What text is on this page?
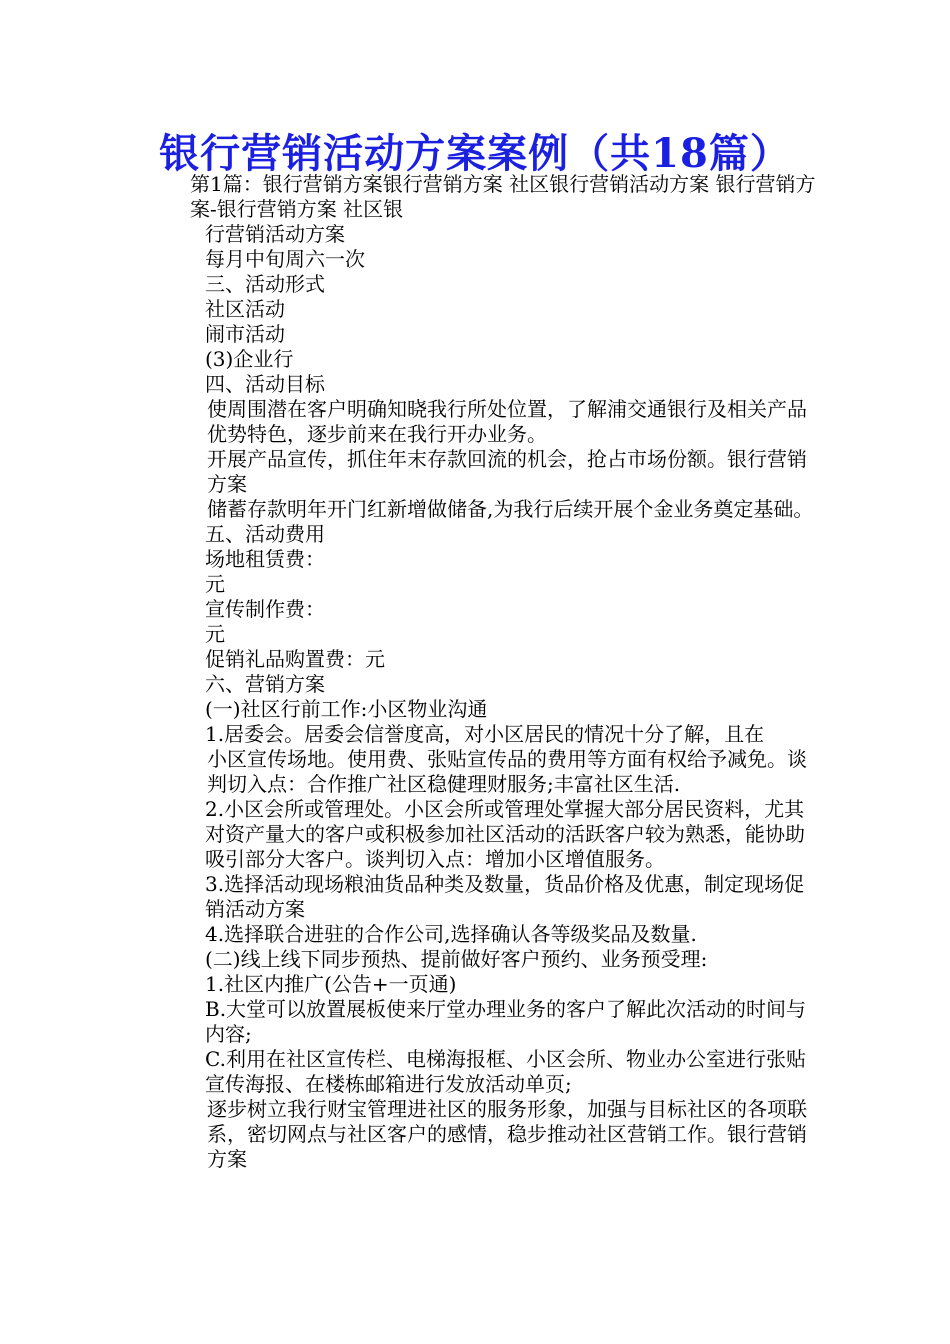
银行营销活动方案案例（共18篇）

第1篇：银行营销方案银行营销方案 社区银行营销活动方案 银行营销方案-银行营销方案 社区银

行营销活动方案

每月中旬周六一次

三、活动形式

社区活动

闹市活动

(3)企业行

四、活动目标

使周围潜在客户明确知晓我行所处位置，了解浦交通银行及相关产品优势特色，逐步前来在我行开办业务。

开展产品宣传，抓住年末存款回流的机会，抢占市场份额。银行营销方案

储蓄存款明年开门红新增做储备,为我行后续开展个金业务奠定基础。

五、活动费用

场地租赁费：

元

宣传制作费：

元

促销礼品购置费：元

六、营销方案

(一)社区行前工作:小区物业沟通

1.居委会。居委会信誉度高，对小区居民的情况十分了解，且在

小区宣传场地。使用费、张贴宣传品的费用等方面有权给予减免。谈判切入点：合作推广社区稳健理财服务;丰富社区生活.

2.小区会所或管理处。小区会所或管理处掌握大部分居民资料，尤其对资产量大的客户或积极参加社区活动的活跃客户较为熟悉，能协助吸引部分大客户。谈判切入点：增加小区增值服务。

3.选择活动现场粮油货品种类及数量，货品价格及优惠，制定现场促销活动方案

4.选择联合进驻的合作公司,选择确认各等级奖品及数量.

(二)线上线下同步预热、提前做好客户预约、业务预受理:

1.社区内推广(公告+一页通)

B.大堂可以放置展板使来厅堂办理业务的客户了解此次活动的时间与内容;

C.利用在社区宣传栏、电梯海报框、小区会所、物业办公室进行张贴宣传海报、在楼栋邮箱进行发放活动单页;

逐步树立我行财宝管理进社区的服务形象，加强与目标社区的各项联系，密切网点与社区客户的感情，稳步推动社区营销工作。银行营销方案
